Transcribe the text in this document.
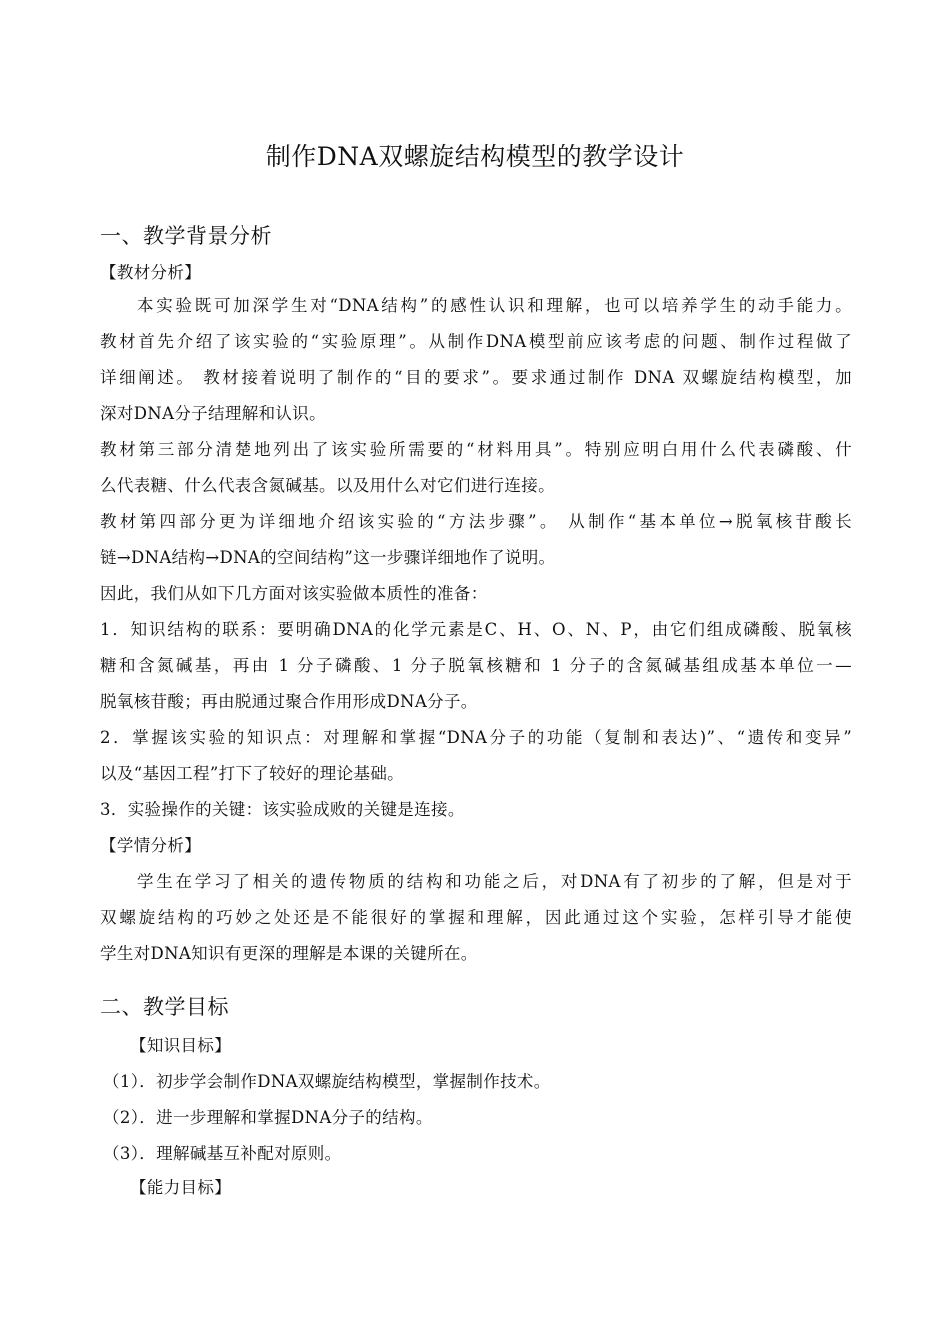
制作DNA双螺旋结构模型的教学设计
一、教学背景分析
【教材分析】
本实验既可加深学生对“DNA结构”的感性认识和理解，也可以培养学生的动手能力。
教材首先介绍了该实验的“实验原理”。从制作DNA模型前应该考虑的问题、制作过程做了
详细阐述。 教材接着说明了制作的“目的要求”。要求通过制作 DNA 双螺旋结构模型，加
深对DNA分子结理解和认识。
教材第三部分清楚地列出了该实验所需要的“材料用具”。特别应明白用什么代表磷酸、什
么代表糖、什么代表含氮碱基。以及用什么对它们进行连接。
教材第四部分更为详细地介绍该实验的“方法步骤”。 从制作“基本单位→脱氧核苷酸长
链→DNA结构→DNA的空间结构”这一步骤详细地作了说明。
因此，我们从如下几方面对该实验做本质性的准备：
1．知识结构的联系：要明确DNA的化学元素是C、H、O、N、P，由它们组成磷酸、脱氧核
糖和含氮碱基，再由 1 分子磷酸、1 分子脱氧核糖和 1 分子的含氮碱基组成基本单位一—
脱氧核苷酸；再由脱通过聚合作用形成DNA分子。
2．掌握该实验的知识点：对理解和掌握“DNA分子的功能（复制和表达)”、“遗传和变异”
以及“基因工程”打下了较好的理论基础。
3．实验操作的关键：该实验成败的关键是连接。
【学情分析】
学生在学习了相关的遗传物质的结构和功能之后，对DNA有了初步的了解，但是对于
双螺旋结构的巧妙之处还是不能很好的掌握和理解，因此通过这个实验，怎样引导才能使
学生对DNA知识有更深的理解是本课的关键所在。
二、教学目标
【知识目标】
（1）．初步学会制作DNA双螺旋结构模型，掌握制作技术。
（2）．进一步理解和掌握DNA分子的结构。
（3）．理解碱基互补配对原则。
【能力目标】
